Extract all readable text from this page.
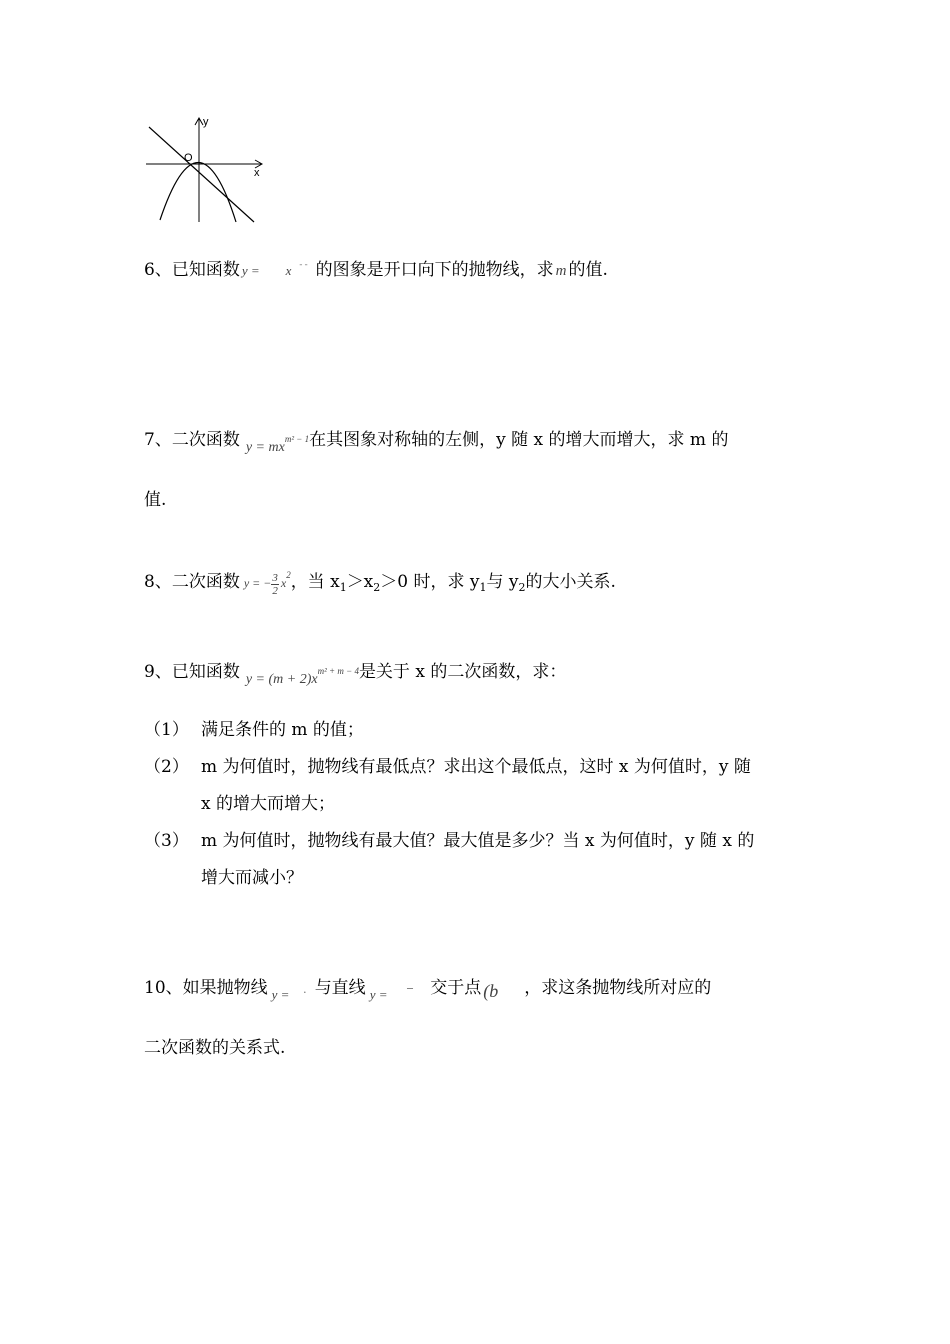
y
x
O
6、已知函数 y = x - - 的图象是开口向下的抛物线，求 m 的值.
7、二次函数 $_{y = mx^{m^2 - 1}}$在其图象对称轴的左侧，y 随 x 的增大而增大，求 m 的
值.
8、二次函数 y = − $\frac{3}{2} x^2$，当 $x_1>x_2>0$ 时，求 $y_1$与 $y_2$的大小关系.
9、已知函数 $_{y = (m + 2)x^{m^2 + m - 4}}$是关于 x 的二次函数，求：
（1） 满足条件的 m 的值；
（2） m 为何值时，抛物线有最低点？求出这个最低点，这时 x 为何值时，y 随
x 的增大而增大；
（3） m 为何值时，抛物线有最大值？最大值是多少？当 x 为何值时，y 随 x 的
增大而减小？
10、如果抛物线 $_{y =}$ . 与直线 $_{y =}$ − 交于点 (b ，求这条抛物线所对应的
二次函数的关系式.
